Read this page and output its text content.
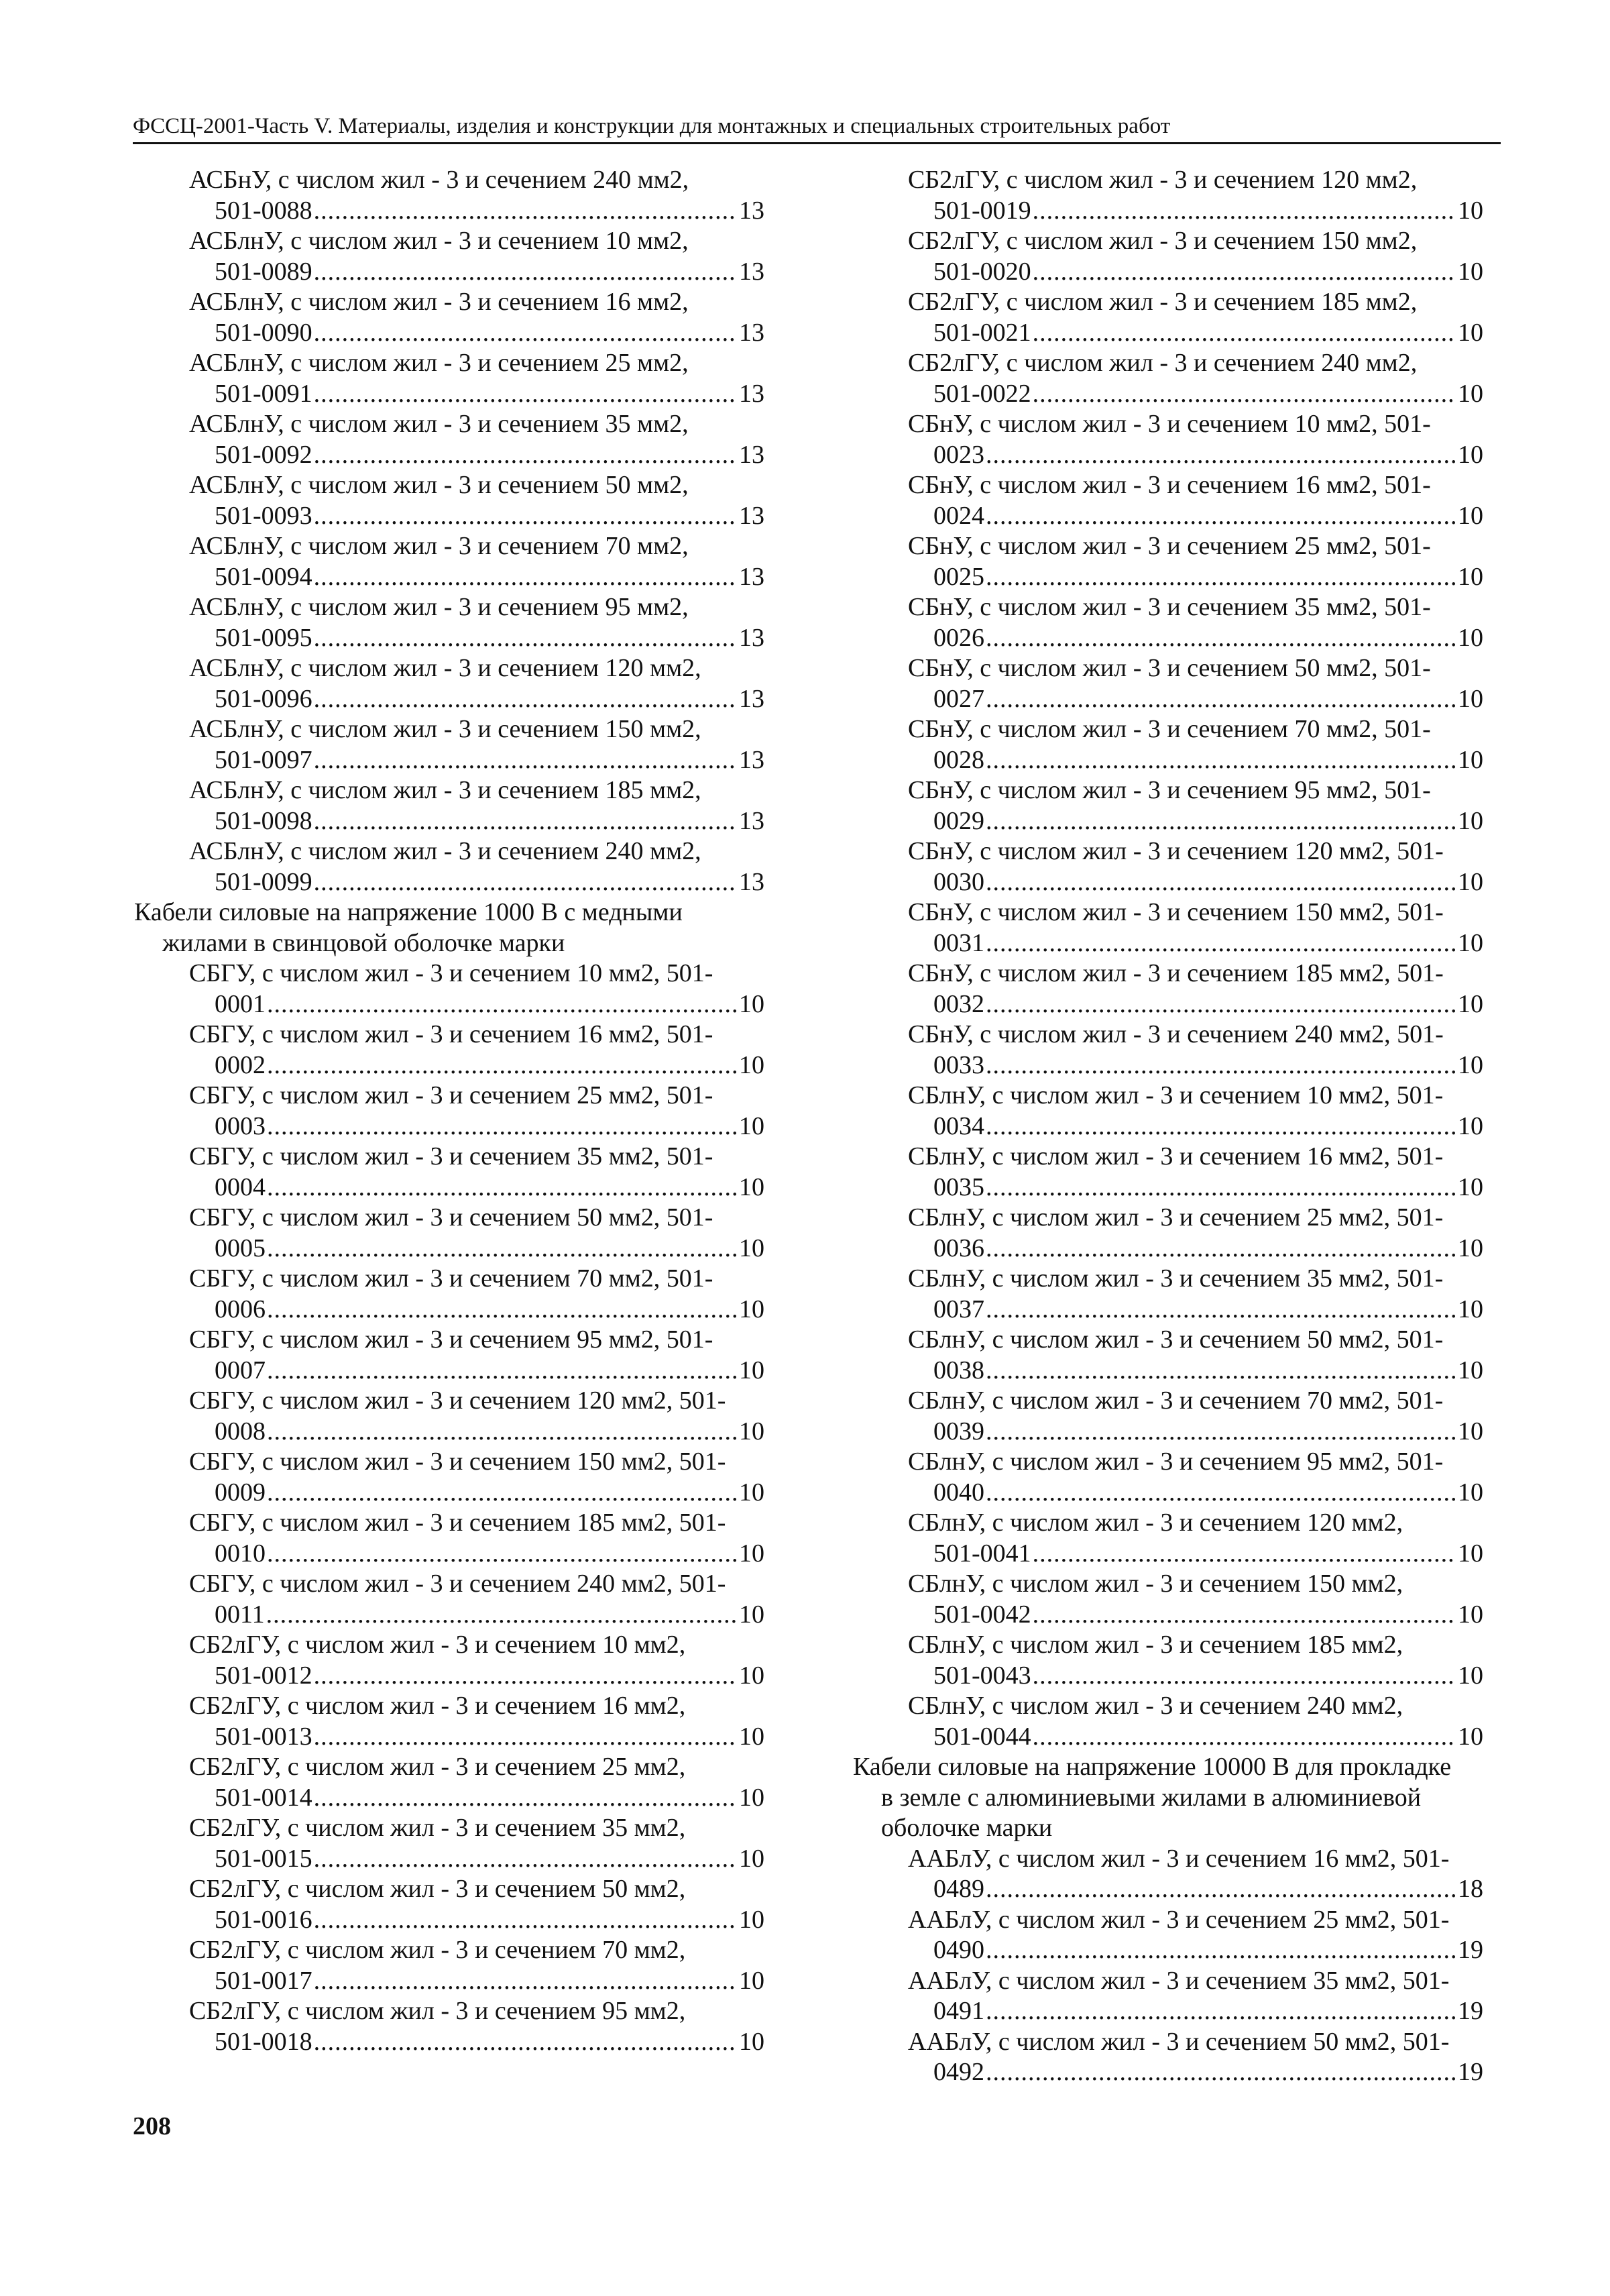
ФССЦ-2001-Часть V. Материалы, изделия и конструкции для монтажных и специальных строительных работ
АСБнУ, с числом жил - 3 и сечением 240 мм2,
501-0088 .....	13
АСБлнУ, с числом жил - 3 и сечением 10 мм2,
501-0089 .....	13
АСБлнУ, с числом жил - 3 и сечением 16 мм2,
501-0090 .....	13
АСБлнУ, с числом жил - 3 и сечением 25 мм2,
501-0091 .....	13
АСБлнУ, с числом жил - 3 и сечением 35 мм2,
501-0092 .....	13
АСБлнУ, с числом жил - 3 и сечением 50 мм2,
501-0093 .....	13
АСБлнУ, с числом жил - 3 и сечением 70 мм2,
501-0094 .....	13
АСБлнУ, с числом жил - 3 и сечением 95 мм2,
501-0095 .....	13
АСБлнУ, с числом жил - 3 и сечением 120 мм2,
501-0096 .....	13
АСБлнУ, с числом жил - 3 и сечением 150 мм2,
501-0097 .....	13
АСБлнУ, с числом жил - 3 и сечением 185 мм2,
501-0098 .....	13
АСБлнУ, с числом жил - 3 и сечением 240 мм2,
501-0099 .....	13
Кабели силовые на напряжение 1000 В с медными
жилами в свинцовой оболочке марки
СБГУ, с числом жил - 3 и сечением 10 мм2, 501-
0001 .....	10
СБГУ, с числом жил - 3 и сечением 16 мм2, 501-
0002 .....	10
СБГУ, с числом жил - 3 и сечением 25 мм2, 501-
0003 .....	10
СБГУ, с числом жил - 3 и сечением 35 мм2, 501-
0004 .....	10
СБГУ, с числом жил - 3 и сечением 50 мм2, 501-
0005 .....	10
СБГУ, с числом жил - 3 и сечением 70 мм2, 501-
0006 .....	10
СБГУ, с числом жил - 3 и сечением 95 мм2, 501-
0007 .....	10
СБГУ, с числом жил - 3 и сечением 120 мм2, 501-
0008 .....	10
СБГУ, с числом жил - 3 и сечением 150 мм2, 501-
0009 .....	10
СБГУ, с числом жил - 3 и сечением 185 мм2, 501-
0010 .....	10
СБГУ, с числом жил - 3 и сечением 240 мм2, 501-
0011 .....	10
СБ2лГУ, с числом жил - 3 и сечением 10 мм2,
501-0012 .....	10
СБ2лГУ, с числом жил - 3 и сечением 16 мм2,
501-0013 .....	10
СБ2лГУ, с числом жил - 3 и сечением 25 мм2,
501-0014 .....	10
СБ2лГУ, с числом жил - 3 и сечением 35 мм2,
501-0015 .....	10
СБ2лГУ, с числом жил - 3 и сечением 50 мм2,
501-0016 .....	10
СБ2лГУ, с числом жил - 3 и сечением 70 мм2,
501-0017 .....	10
СБ2лГУ, с числом жил - 3 и сечением 95 мм2,
501-0018 .....	10
СБ2лГУ, с числом жил - 3 и сечением 120 мм2,
501-0019 .....	10
СБ2лГУ, с числом жил - 3 и сечением 150 мм2,
501-0020 .....	10
СБ2лГУ, с числом жил - 3 и сечением 185 мм2,
501-0021 .....	10
СБ2лГУ, с числом жил - 3 и сечением 240 мм2,
501-0022 .....	10
СБнУ, с числом жил - 3 и сечением 10 мм2, 501-
0023 .....	10
СБнУ, с числом жил - 3 и сечением 16 мм2, 501-
0024 .....	10
СБнУ, с числом жил - 3 и сечением 25 мм2, 501-
0025 .....	10
СБнУ, с числом жил - 3 и сечением 35 мм2, 501-
0026 .....	10
СБнУ, с числом жил - 3 и сечением 50 мм2, 501-
0027 .....	10
СБнУ, с числом жил - 3 и сечением 70 мм2, 501-
0028 .....	10
СБнУ, с числом жил - 3 и сечением 95 мм2, 501-
0029 .....	10
СБнУ, с числом жил - 3 и сечением 120 мм2, 501-
0030 .....	10
СБнУ, с числом жил - 3 и сечением 150 мм2, 501-
0031 .....	10
СБнУ, с числом жил - 3 и сечением 185 мм2, 501-
0032 .....	10
СБнУ, с числом жил - 3 и сечением 240 мм2, 501-
0033 .....	10
СБлнУ, с числом жил - 3 и сечением 10 мм2, 501-
0034 .....	10
СБлнУ, с числом жил - 3 и сечением 16 мм2, 501-
0035 .....	10
СБлнУ, с числом жил - 3 и сечением 25 мм2, 501-
0036 .....	10
СБлнУ, с числом жил - 3 и сечением 35 мм2, 501-
0037 .....	10
СБлнУ, с числом жил - 3 и сечением 50 мм2, 501-
0038 .....	10
СБлнУ, с числом жил - 3 и сечением 70 мм2, 501-
0039 .....	10
СБлнУ, с числом жил - 3 и сечением 95 мм2, 501-
0040 .....	10
СБлнУ, с числом жил - 3 и сечением 120 мм2,
501-0041 .....	10
СБлнУ, с числом жил - 3 и сечением 150 мм2,
501-0042 .....	10
СБлнУ, с числом жил - 3 и сечением 185 мм2,
501-0043 .....	10
СБлнУ, с числом жил - 3 и сечением 240 мм2,
501-0044 .....	10
Кабели силовые на напряжение 10000 В для прокладке
в земле с алюминиевыми жилами в алюминиевой
оболочке марки
ААБлУ, с числом жил - 3 и сечением 16 мм2, 501-
0489 .....	18
ААБлУ, с числом жил - 3 и сечением 25 мм2, 501-
0490 .....	19
ААБлУ, с числом жил - 3 и сечением 35 мм2, 501-
0491 .....	19
ААБлУ, с числом жил - 3 и сечением 50 мм2, 501-
0492 .....	19
208
